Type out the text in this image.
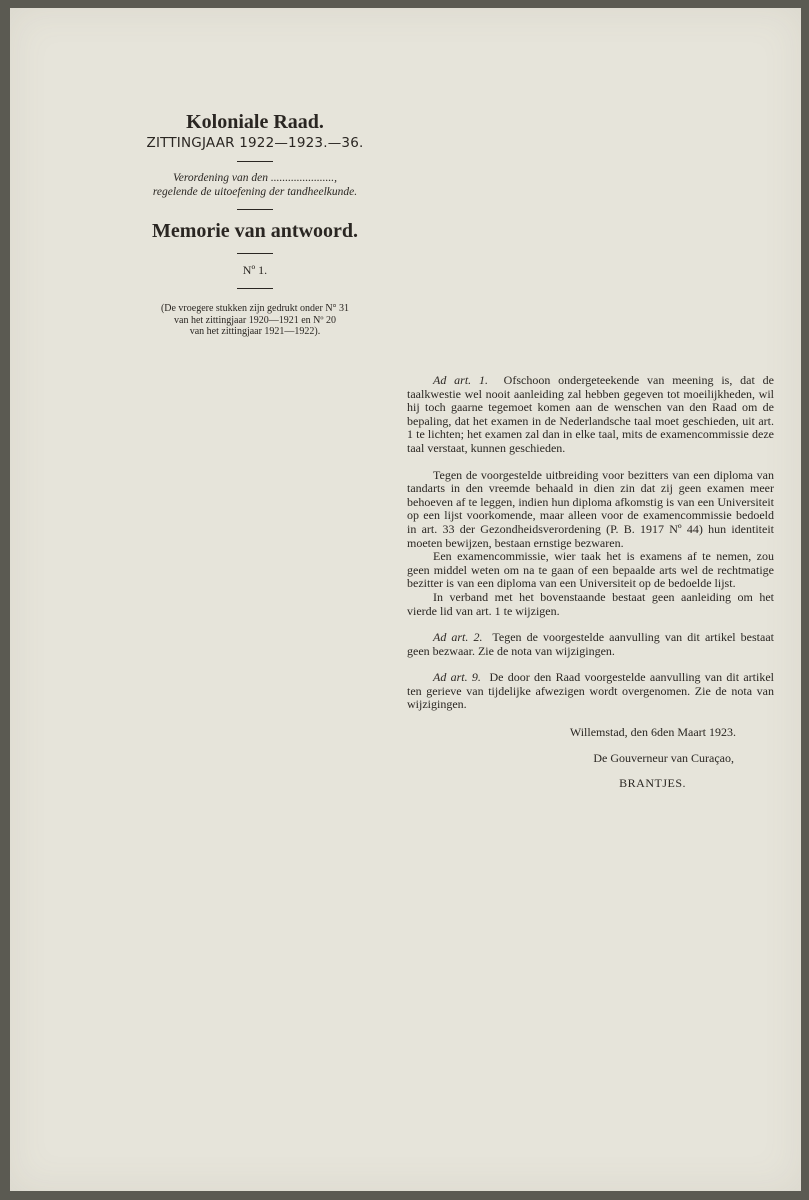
Koloniale Raad.
ZITTINGJAAR 1922—1923.—36.
Verordening van den ......................,
regelende de uitoefening der tandheelkunde.
Memorie van antwoord.
Nº 1.
(De vroegere stukken zijn gedrukt onder N° 31
van het zittingjaar 1920—1921 en Nº 20
van het zittingjaar 1921—1922).

Ad art. 1. Ofschoon ondergeteekende van meening is, dat de taalkwestie wel nooit aanleiding zal hebben gegeven tot moeilijkheden, wil hij toch gaarne tegemoet komen aan de wenschen van den Raad om de bepaling, dat het examen in de Nederlandsche taal moet geschieden, uit art. 1 te lichten; het examen zal dan in elke taal, mits de examencommissie deze taal verstaat, kunnen geschieden.

Tegen de voorgestelde uitbreiding voor bezitters van een diploma van tandarts in den vreemde behaald in dien zin dat zij geen examen meer behoeven af te leggen, indien hun diploma afkomstig is van een Universiteit op een lijst voorkomende, maar alleen voor de examencommissie bedoeld in art. 33 der Gezondheidsverordening (P. B. 1917 Nº 44) hun identiteit moeten bewijzen, bestaan ernstige bezwaren.

Een examencommissie, wier taak het is examens af te nemen, zou geen middel weten om na te gaan of een bepaalde arts wel de rechtmatige bezitter is van een diploma van een Universiteit op de bedoelde lijst.

In verband met het bovenstaande bestaat geen aanleiding om het vierde lid van art. 1 te wijzigen.

Ad art. 2. Tegen de voorgestelde aanvulling van dit artikel bestaat geen bezwaar. Zie de nota van wijzigingen.

Ad art. 9. De door den Raad voorgestelde aanvulling van dit artikel ten gerieve van tijdelijke afwezigen wordt overgenomen. Zie de nota van wijzigingen.

Willemstad, den 6den Maart 1923.
De Gouverneur van Curaçao,
BRANTJES.
